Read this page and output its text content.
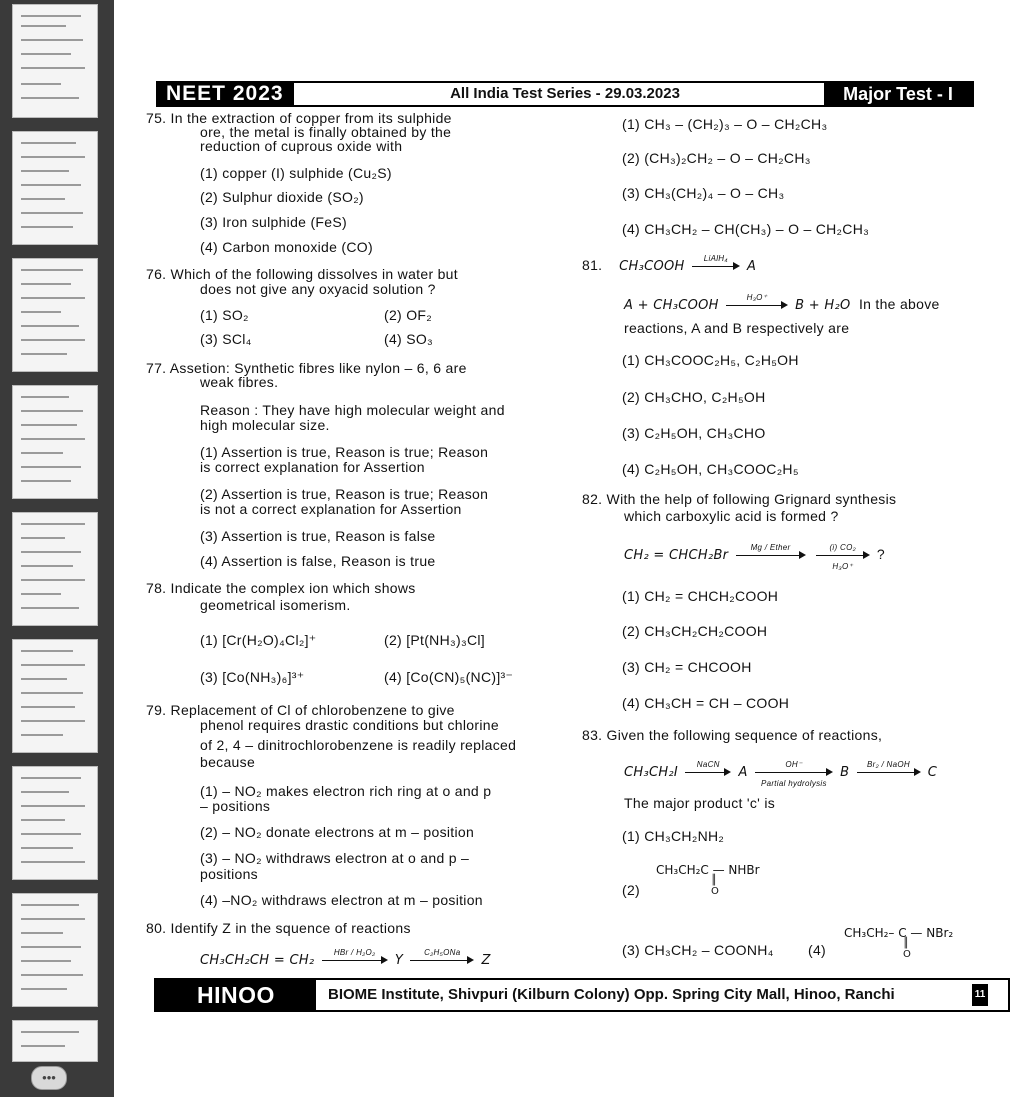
•••
NEET 2023	All India Test Series - 29.03.2023	Major Test - I
81. CH₃COOH
LiAlH₄
A
A + CH₃COOH
H₃O⁺
B + H₂O In the above
CH₂ = CHCH₂Br
Mg / Ether
	(i) CO₂
H₃O⁺
?
CH₃CH₂I
NaCN
A
OH⁻
Partial hydrolysis
B
Br₂ / NaOH
C
(2)
CH₃CH₂C — NHBr
║
O
(3) CH₃CH₂ – COONH₄ (4)
CH₃CH₂– C — NBr₂
║
O
CH₃CH₂CH = CH₂
HBr / H₂O₂
Y
C₂H₅ONa
Z
HINOO CENTRE
BIOME Institute, Shivpuri (Kilburn Colony) Opp. Spring City Mall, Hinoo, Ranchi	11
75. In the extraction of copper from its sulphide
ore, the metal is finally obtained by the
reduction of cuprous oxide with
(1) copper (I) sulphide (Cu₂S)
(2) Sulphur dioxide (SO₂)
(3) Iron sulphide (FeS)
(4) Carbon monoxide (CO)
76. Which of the following dissolves in water but
does not give any oxyacid solution ?
(1) SO₂	(2) OF₂
(3) SCl₄	(4) SO₃
77. Assetion: Synthetic fibres like nylon – 6, 6 are
weak fibres.
Reason : They have high molecular weight and
high molecular size.
(1) Assertion is true, Reason is true; Reason
is correct explanation for Assertion
(2) Assertion is true, Reason is true; Reason
is not a correct explanation for Assertion
(3) Assertion is true, Reason is false
(4) Assertion is false, Reason is true
78. Indicate the complex ion which shows
geometrical isomerism.
(1) [Cr(H₂O)₄Cl₂]⁺	(2) [Pt(NH₃)₃Cl]
(3) [Co(NH₃)₆]³⁺	(4) [Co(CN)₅(NC)]³⁻
79. Replacement of Cl of chlorobenzene to give
phenol requires drastic conditions but chlorine
of 2, 4 – dinitrochlorobenzene is readily replaced
because
(1) – NO₂ makes electron rich ring at o and p
– positions
(2) – NO₂ donate electrons at m – position
(3) – NO₂ withdraws electron at o and p –
positions
(4) –NO₂ withdraws electron at m – position
80. Identify Z in the squence of reactions
(1) CH₃ – (CH₂)₃ – O – CH₂CH₃
(2) (CH₃)₂CH₂ – O – CH₂CH₃
(3) CH₃(CH₂)₄ – O – CH₃
(4) CH₃CH₂ – CH(CH₃) – O – CH₂CH₃
reactions, A and B respectively are
(1) CH₃COOC₂H₅, C₂H₅OH
(2) CH₃CHO, C₂H₅OH
(3) C₂H₅OH, CH₃CHO
(4) C₂H₅OH, CH₃COOC₂H₅
82. With the help of following Grignard synthesis
which carboxylic acid is formed ?
(1) CH₂ = CHCH₂COOH
(2) CH₃CH₂CH₂COOH
(3) CH₂ = CHCOOH
(4) CH₃CH = CH – COOH
83. Given the following sequence of reactions,
The major product 'c' is
(1) CH₃CH₂NH₂
